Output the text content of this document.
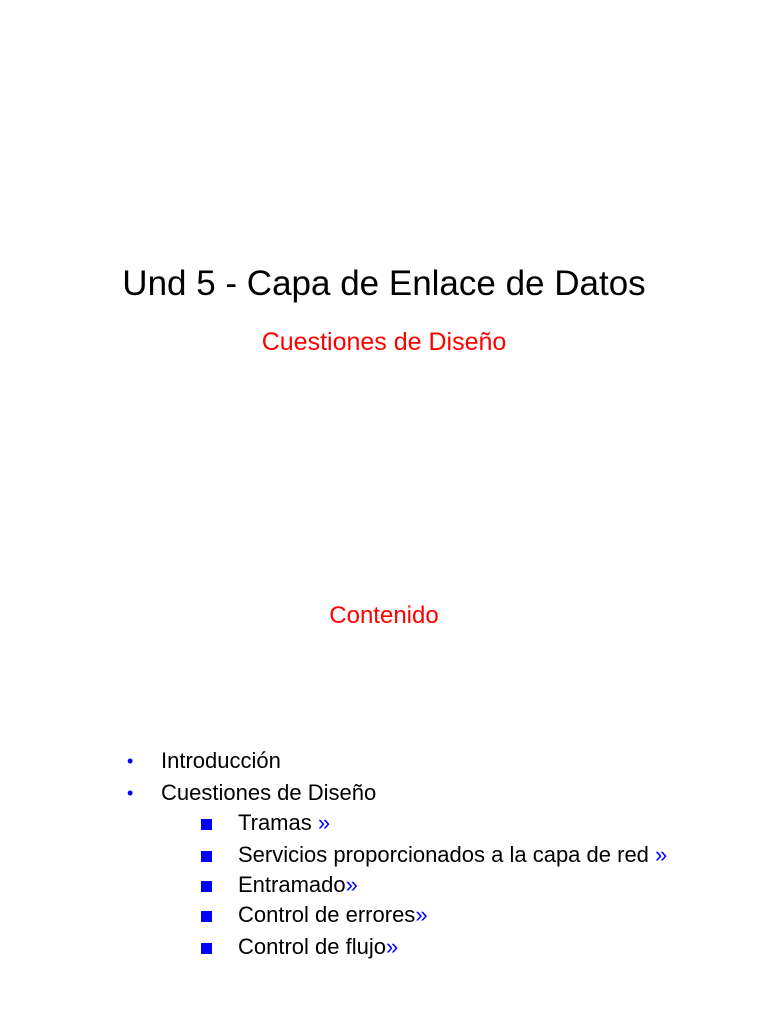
Und 5 - Capa de Enlace de Datos
Cuestiones de Diseño
Contenido
• Introducción
• Cuestiones de Diseño
Tramas »
Servicios proporcionados a la capa de red »
Entramado»
Control de errores»
Control de flujo»
